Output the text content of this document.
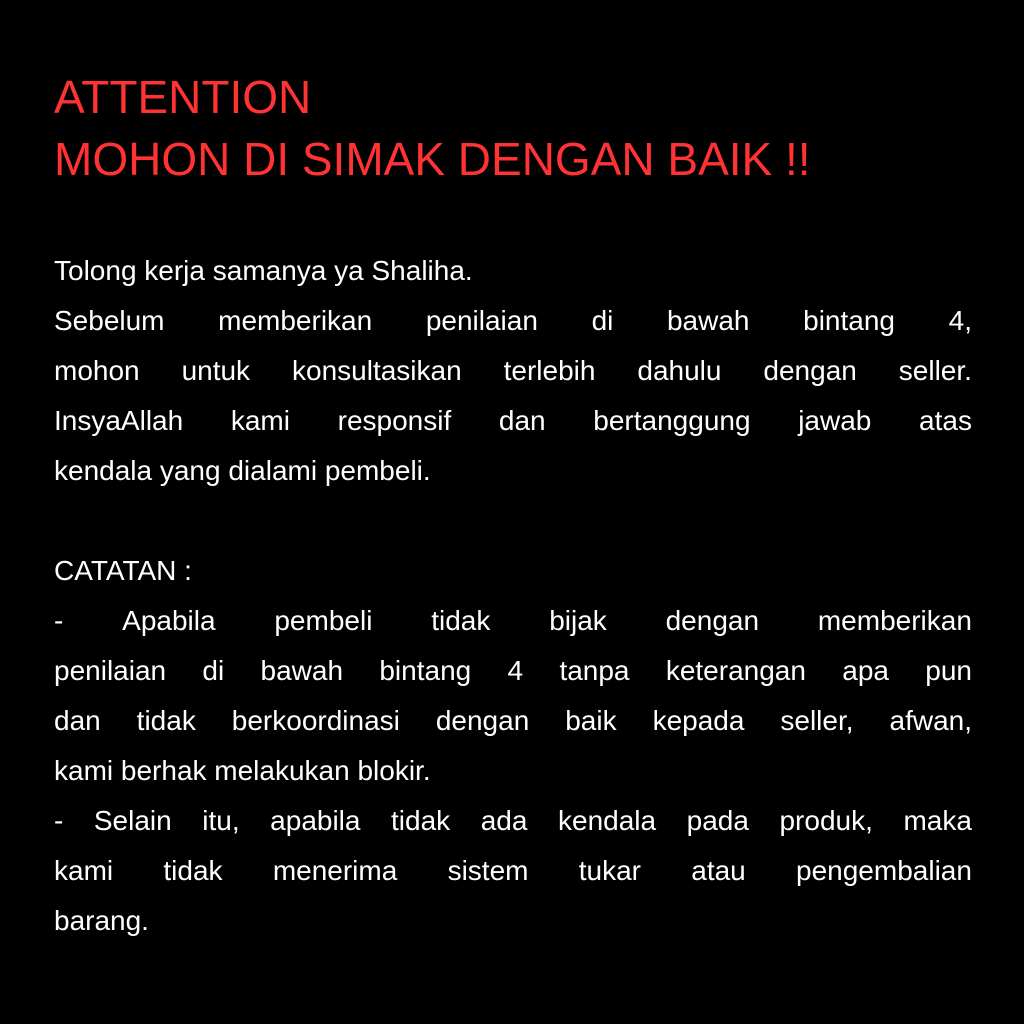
ATTENTION
MOHON DI SIMAK DENGAN BAIK !!
Tolong kerja samanya ya Shaliha.
Sebelum memberikan penilaian di bawah bintang 4,
mohon untuk konsultasikan terlebih dahulu dengan seller.
InsyaAllah kami responsif dan bertanggung jawab atas
kendala yang dialami pembeli.
CATATAN :
- Apabila pembeli tidak bijak dengan memberikan
penilaian di bawah bintang 4 tanpa keterangan apa pun
dan tidak berkoordinasi dengan baik kepada seller, afwan,
kami berhak melakukan blokir.
- Selain itu, apabila tidak ada kendala pada produk, maka
kami tidak menerima sistem tukar atau pengembalian
barang.
